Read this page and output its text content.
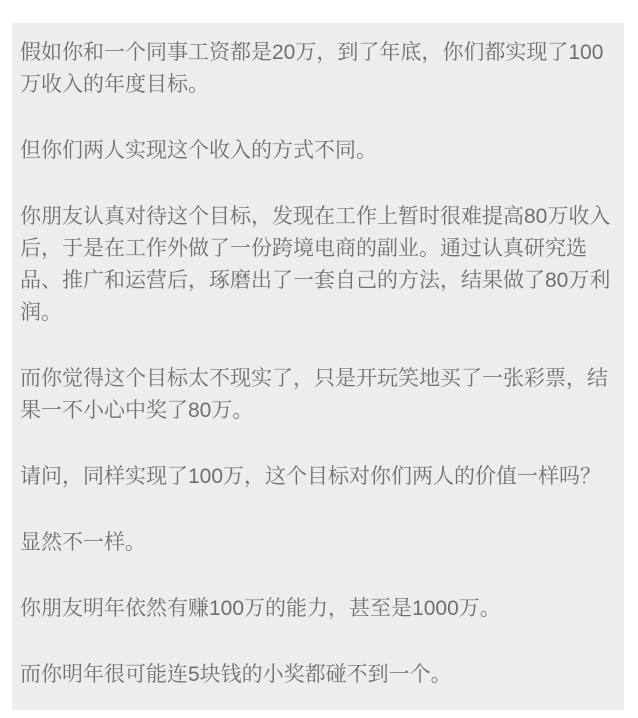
假如你和一个同事工资都是20万，到了年底，你们都实现了100万收入的年度目标。

但你们两人实现这个收入的方式不同。

你朋友认真对待这个目标，发现在工作上暂时很难提高80万收入后，于是在工作外做了一份跨境电商的副业。通过认真研究选品、推广和运营后，琢磨出了一套自己的方法，结果做了80万利润。

而你觉得这个目标太不现实了，只是开玩笑地买了一张彩票，结果一不小心中奖了80万。

请问，同样实现了100万，这个目标对你们两人的价值一样吗？

显然不一样。

你朋友明年依然有赚100万的能力，甚至是1000万。

而你明年很可能连5块钱的小奖都碰不到一个。
